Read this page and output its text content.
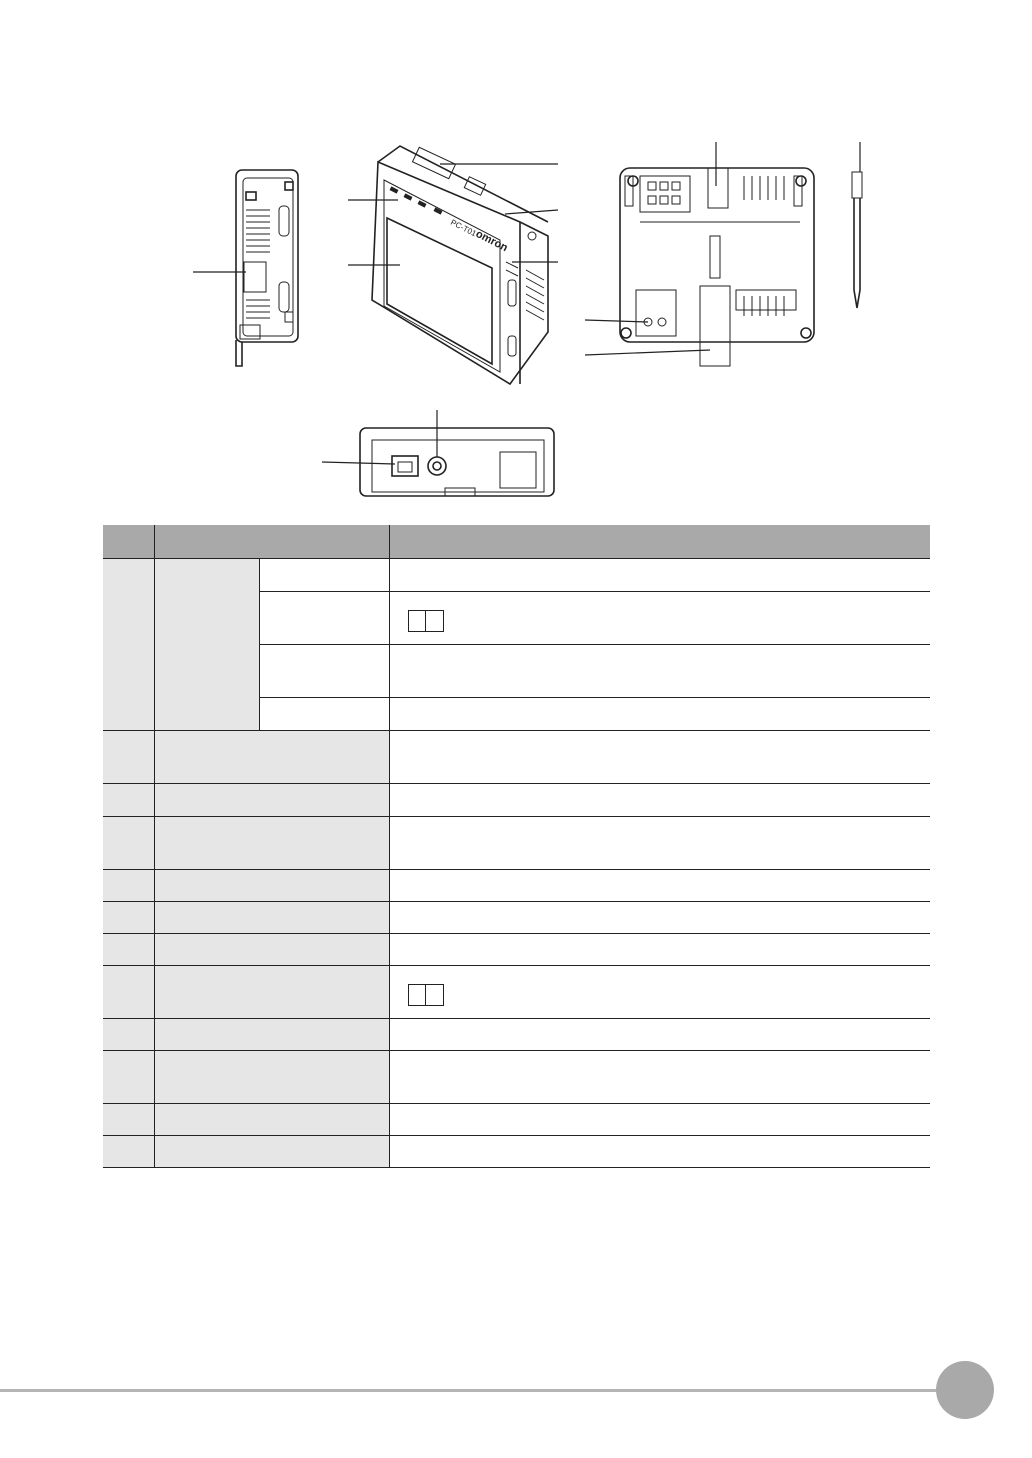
omron
PC-T01
